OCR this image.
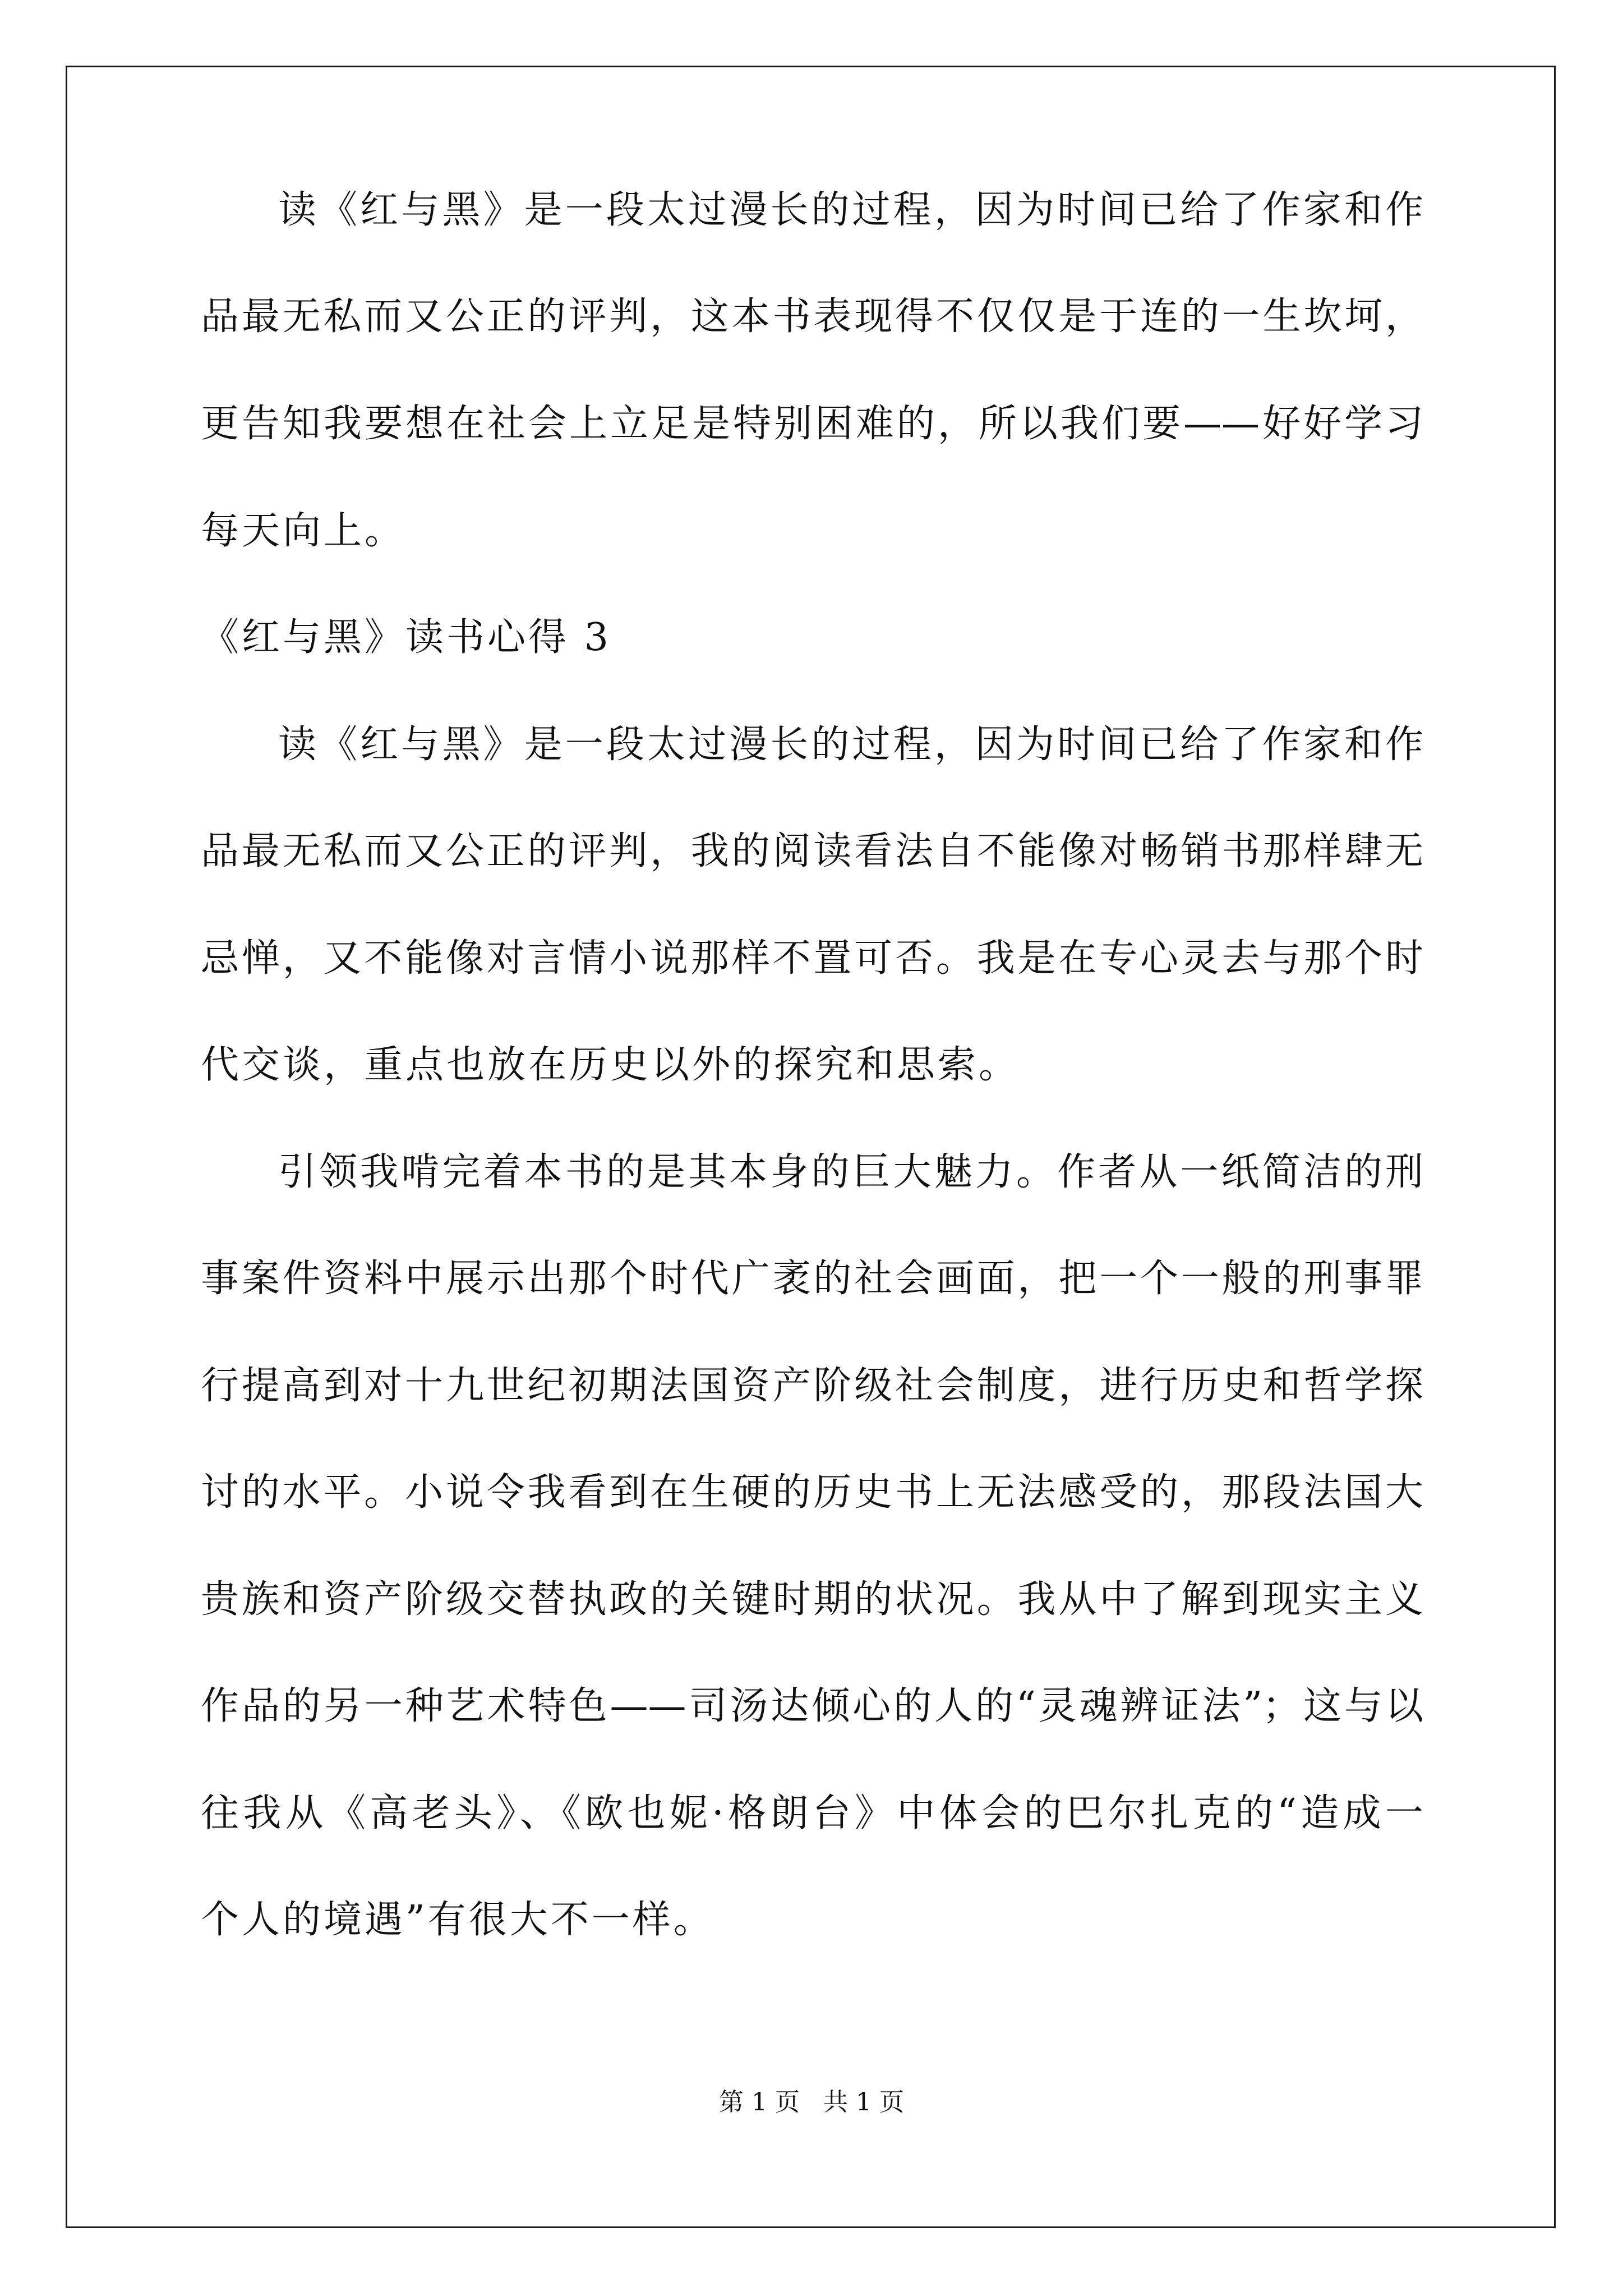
读《红与黑》是一段太过漫长的过程，因为时间已给了作家和作
品最无私而又公正的评判，这本书表现得不仅仅是于连的一生坎坷，
更告知我要想在社会上立足是特别困难的，所以我们要——好好学习
每天向上。
《红与黑》读书心得 3
读《红与黑》是一段太过漫长的过程，因为时间已给了作家和作
品最无私而又公正的评判，我的阅读看法自不能像对畅销书那样肆无
忌惮，又不能像对言情小说那样不置可否。我是在专心灵去与那个时
代交谈，重点也放在历史以外的探究和思索。
引领我啃完着本书的是其本身的巨大魅力。作者从一纸简洁的刑
事案件资料中展示出那个时代广袤的社会画面，把一个一般的刑事罪
行提高到对十九世纪初期法国资产阶级社会制度，进行历史和哲学探
讨的水平。小说令我看到在生硬的历史书上无法感受的，那段法国大
贵族和资产阶级交替执政的关键时期的状况。我从中了解到现实主义
作品的另一种艺术特色——司汤达倾心的人的“灵魂辨证法”；这与以
往我从《高老头》、《欧也妮·格朗台》中体会的巴尔扎克的“造成一
个人的境遇”有很大不一样。
第 1 页   共 1 页
